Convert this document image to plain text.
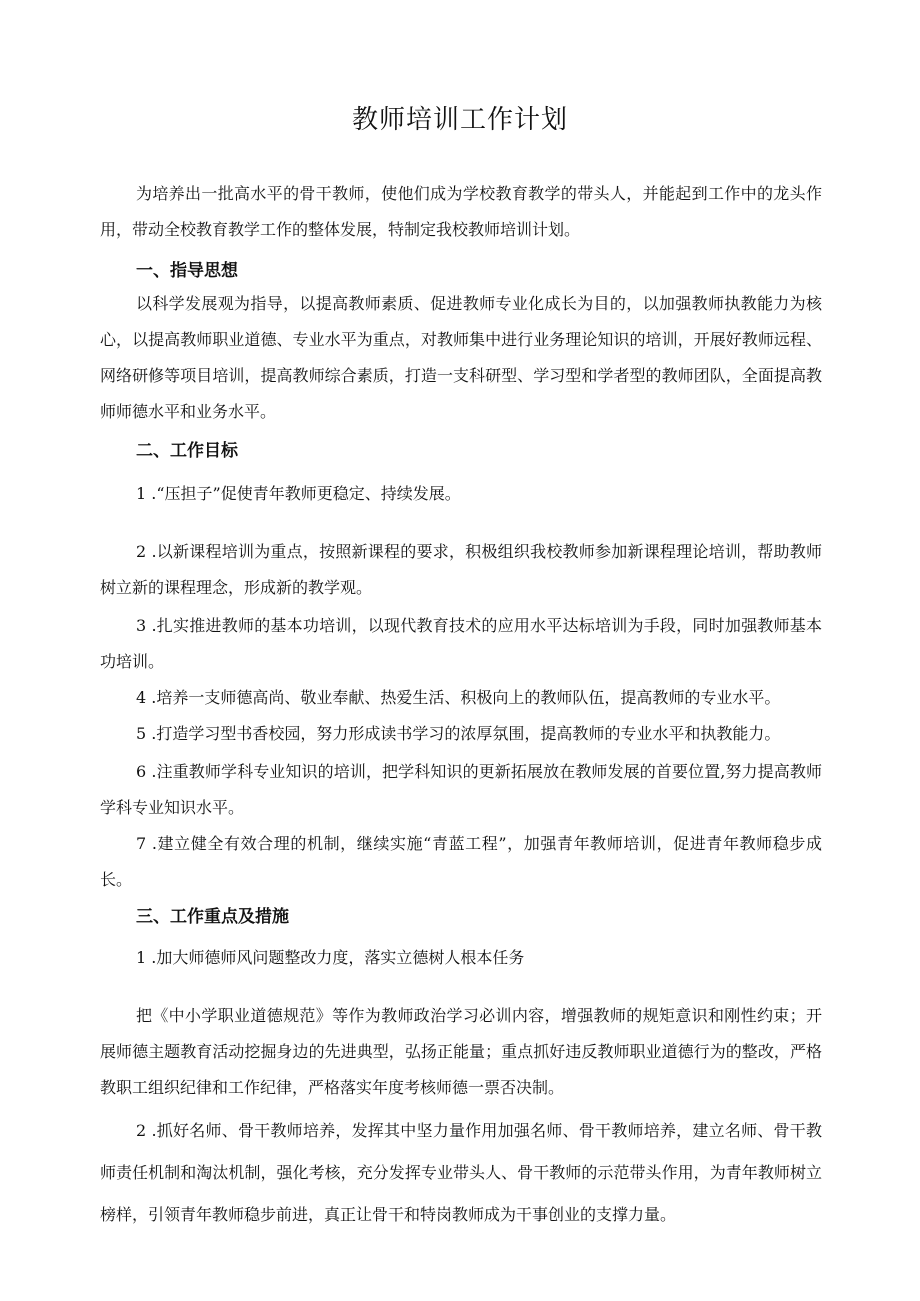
教师培训工作计划

为培养出一批高水平的骨干教师，使他们成为学校教育教学的带头人，并能起到工作中的龙头作用，带动全校教育教学工作的整体发展，特制定我校教师培训计划。

一、指导思想

以科学发展观为指导，以提高教师素质、促进教师专业化成长为目的，以加强教师执教能力为核心，以提高教师职业道德、专业水平为重点，对教师集中进行业务理论知识的培训，开展好教师远程、网络研修等项目培训，提高教师综合素质，打造一支科研型、学习型和学者型的教师团队，全面提高教师师德水平和业务水平。

二、工作目标

1 .“压担子”促使青年教师更稳定、持续发展。

2 .以新课程培训为重点，按照新课程的要求，积极组织我校教师参加新课程理论培训，帮助教师树立新的课程理念，形成新的教学观。

3 .扎实推进教师的基本功培训，以现代教育技术的应用水平达标培训为手段，同时加强教师基本功培训。

4 .培养一支师德高尚、敬业奉献、热爱生活、积极向上的教师队伍，提高教师的专业水平。

5 .打造学习型书香校园，努力形成读书学习的浓厚氛围，提高教师的专业水平和执教能力。

6 .注重教师学科专业知识的培训，把学科知识的更新拓展放在教师发展的首要位置,努力提高教师学科专业知识水平。

7 .建立健全有效合理的机制，继续实施“青蓝工程”，加强青年教师培训，促进青年教师稳步成长。

三、工作重点及措施

1 .加大师德师风问题整改力度，落实立德树人根本任务

把《中小学职业道德规范》等作为教师政治学习必训内容，增强教师的规矩意识和刚性约束；开展师德主题教育活动挖掘身边的先进典型，弘扬正能量；重点抓好违反教师职业道德行为的整改，严格教职工组织纪律和工作纪律，严格落实年度考核师德一票否决制。

2 .抓好名师、骨干教师培养，发挥其中坚力量作用加强名师、骨干教师培养，建立名师、骨干教师责任机制和淘汰机制，强化考核，充分发挥专业带头人、骨干教师的示范带头作用，为青年教师树立榜样，引领青年教师稳步前进，真正让骨干和特岗教师成为干事创业的支撑力量。
